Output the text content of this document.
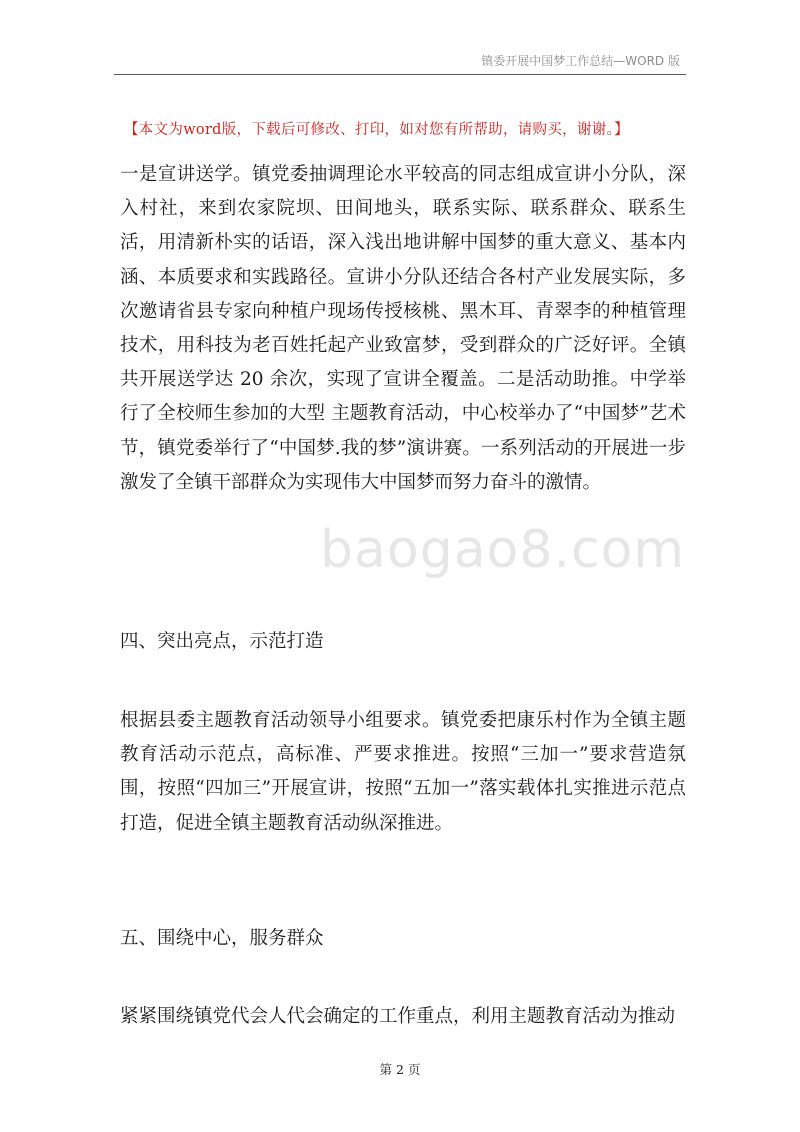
镇委开展中国梦工作总结—WORD 版
【本文为word版，下载后可修改、打印，如对您有所帮助，请购买，谢谢。】
baogao8.com
一是宣讲送学。镇党委抽调理论水平较高的同志组成宣讲小分队，深入村社，来到农家院坝、田间地头，联系实际、联系群众、联系生活，用清新朴实的话语，深入浅出地讲解中国梦的重大意义、基本内涵、本质要求和实践路径。宣讲小分队还结合各村产业发展实际，多次邀请省县专家向种植户现场传授核桃、黑木耳、青翠李的种植管理技术，用科技为老百姓托起产业致富梦，受到群众的广泛好评。全镇共开展送学达 20 余次，实现了宣讲全覆盖。二是活动助推。中学举行了全校师生参加的大型 主题教育活动，中心校举办了“中国梦”艺术节，镇党委举行了“中国梦.我的梦”演讲赛。一系列活动的开展进一步激发了全镇干部群众为实现伟大中国梦而努力奋斗的激情。
四、突出亮点，示范打造
根据县委主题教育活动领导小组要求。镇党委把康乐村作为全镇主题教育活动示范点，高标准、严要求推进。按照“三加一”要求营造氛围，按照“四加三”开展宣讲，按照“五加一”落实载体扎实推进示范点打造，促进全镇主题教育活动纵深推进。
五、围绕中心，服务群众
紧紧围绕镇党代会人代会确定的工作重点，利用主题教育活动为推动
第 2 页
